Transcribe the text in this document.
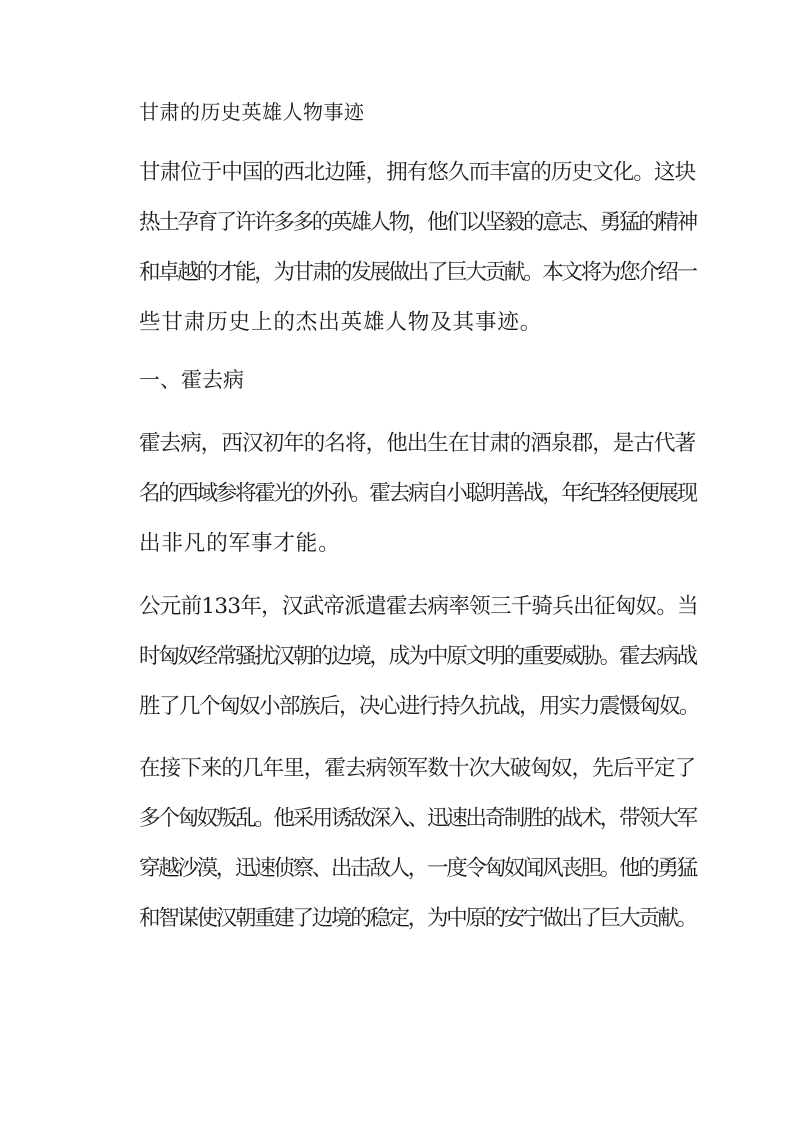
甘肃的历史英雄人物事迹

甘肃位于中国的西北边陲，拥有悠久而丰富的历史文化。这块
热土孕育了许许多多的英雄人物，他们以坚毅的意志、勇猛的精神
和卓越的才能，为甘肃的发展做出了巨大贡献。本文将为您介绍一
些甘肃历史上的杰出英雄人物及其事迹。

一、霍去病

霍去病，西汉初年的名将，他出生在甘肃的酒泉郡，是古代著
名的西域参将霍光的外孙。霍去病自小聪明善战，年纪轻轻便展现
出非凡的军事才能。

公元前133年，汉武帝派遣霍去病率领三千骑兵出征匈奴。当
时匈奴经常骚扰汉朝的边境，成为中原文明的重要威胁。霍去病战
胜了几个匈奴小部族后，决心进行持久抗战，用实力震慑匈奴。

在接下来的几年里，霍去病领军数十次大破匈奴，先后平定了
多个匈奴叛乱。他采用诱敌深入、迅速出奇制胜的战术，带领大军
穿越沙漠，迅速侦察、出击敌人，一度令匈奴闻风丧胆。他的勇猛
和智谋使汉朝重建了边境的稳定，为中原的安宁做出了巨大贡献。
